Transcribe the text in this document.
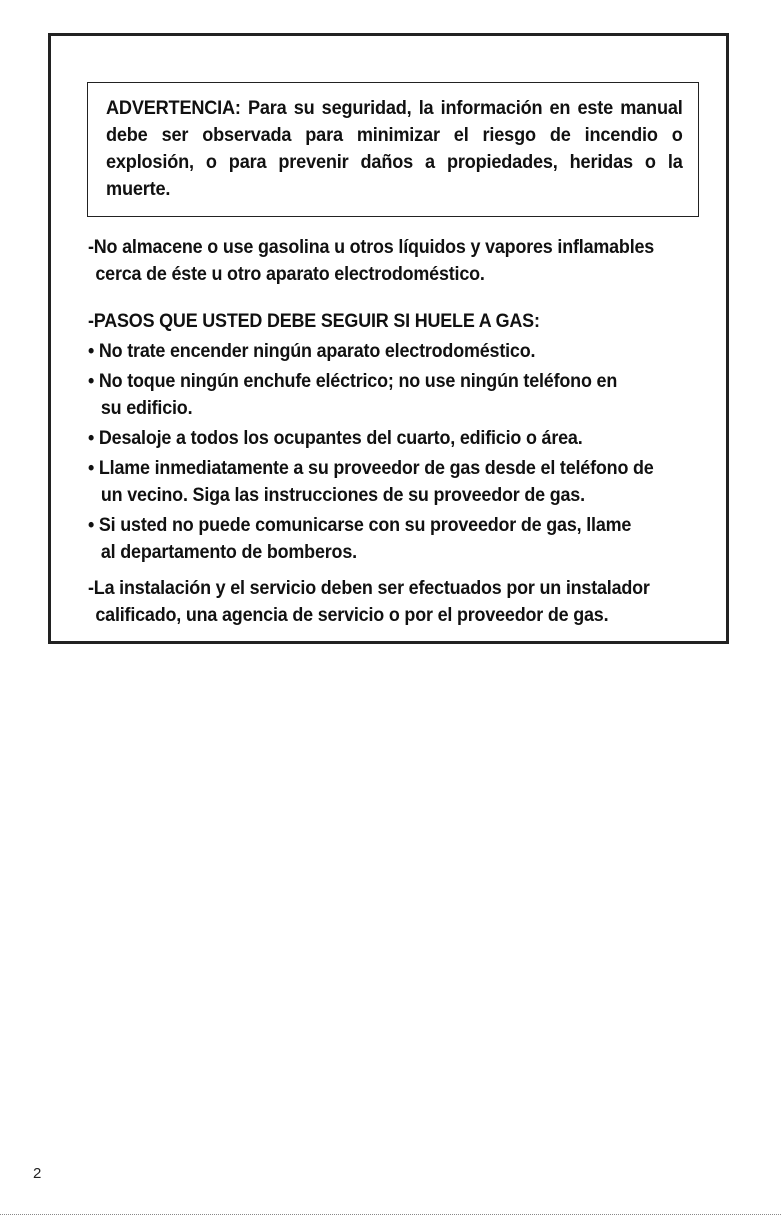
ADVERTENCIA: Para su seguridad, la información en este manual debe ser observada para minimizar el riesgo de incendio o explosión, o para prevenir daños a propiedades, heridas o la muerte.

-No almacene o use gasolina u otros líquidos y vapores inflamables
cerca de éste u otro aparato electrodoméstico.

-PASOS QUE USTED DEBE SEGUIR SI HUELE A GAS:

• No trate encender ningún aparato electrodoméstico.
• No toque ningún enchufe eléctrico; no use ningún teléfono en
su edificio.
• Desaloje a todos los ocupantes del cuarto, edificio o área.
• Llame inmediatamente a su proveedor de gas desde el teléfono de
un vecino. Siga las instrucciones de su proveedor de gas.
• Si usted no puede comunicarse con su proveedor de gas, llame
al departamento de bomberos.

-La instalación y el servicio deben ser efectuados por un instalador
calificado, una agencia de servicio o por el proveedor de gas.

2
